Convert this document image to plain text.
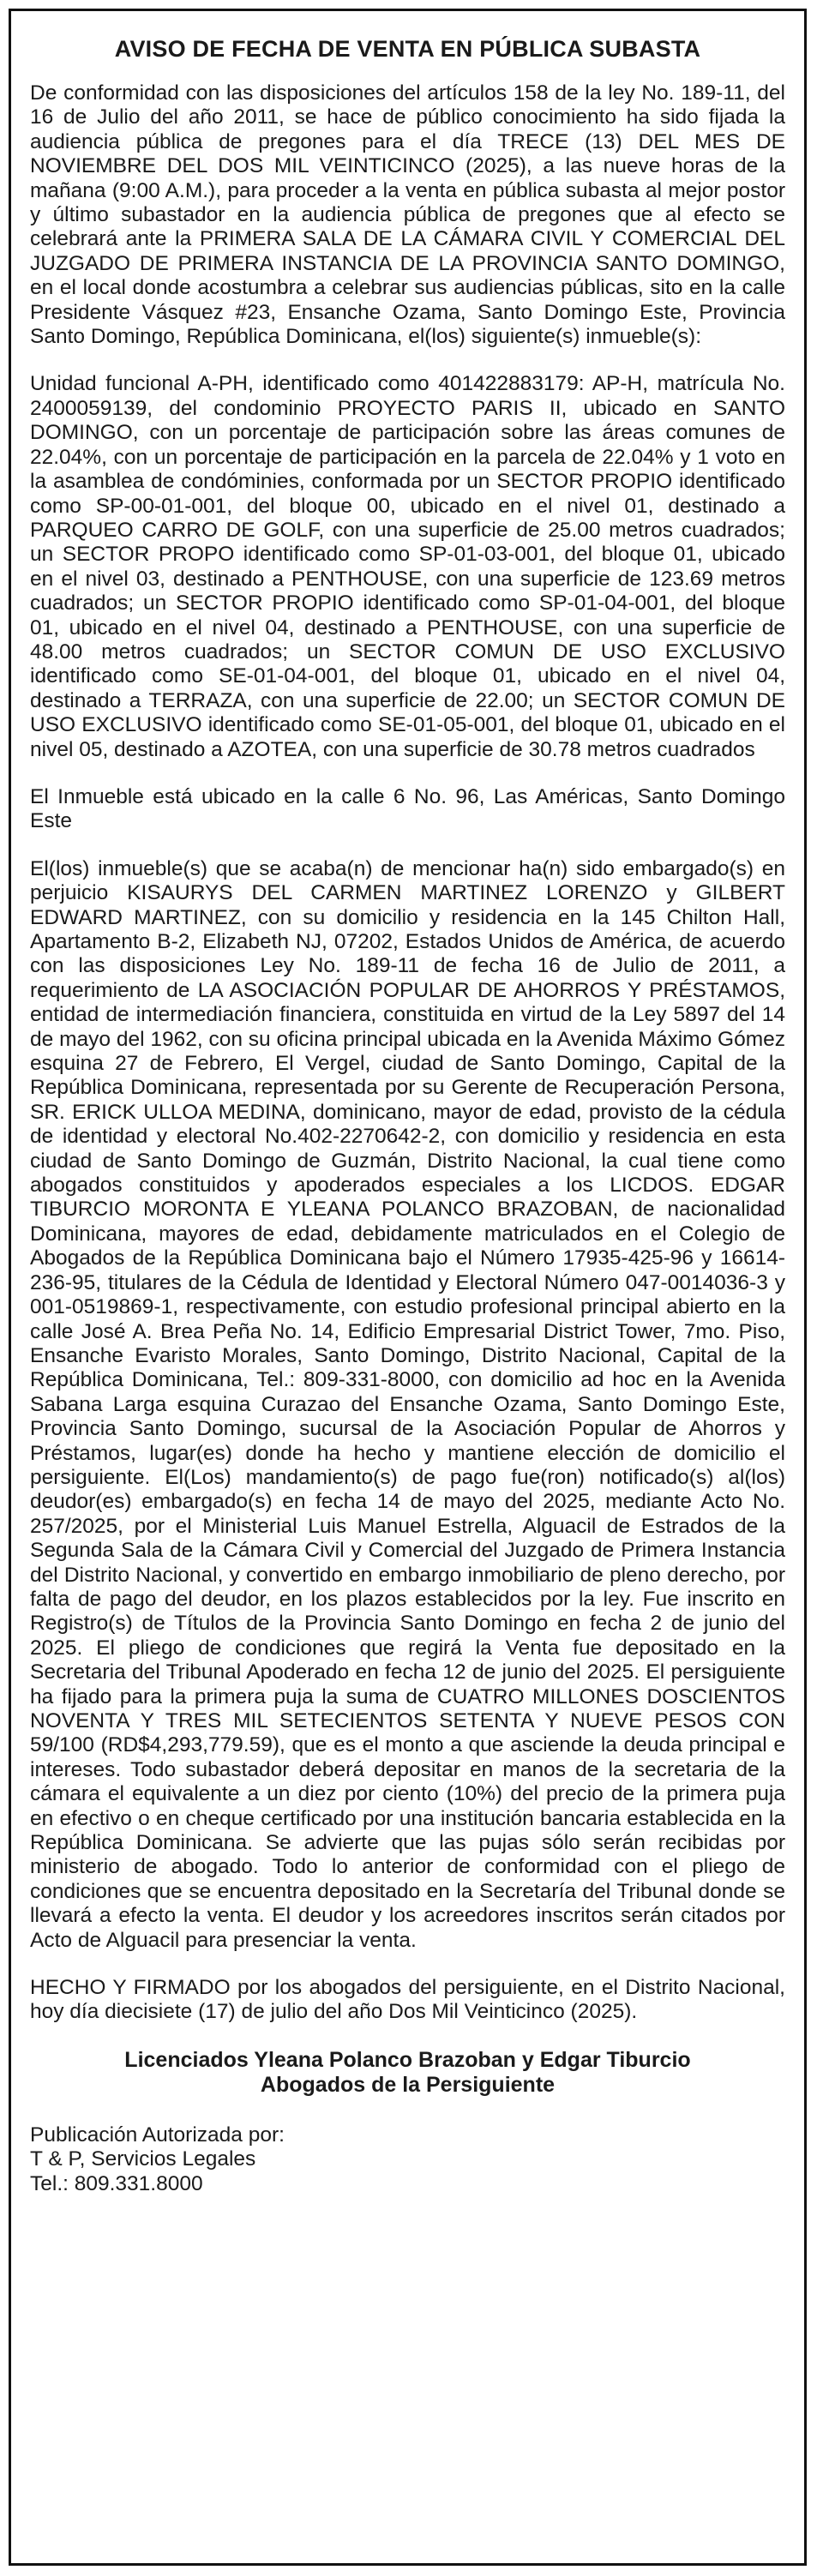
AVISO DE FECHA DE VENTA EN PÚBLICA SUBASTA

De conformidad con las disposiciones del artículos 158 de la ley No. 189-11, del 16 de Julio del año 2011, se hace de público conocimiento ha sido fijada la audiencia pública de pregones para el día TRECE (13) DEL MES DE NOVIEMBRE DEL DOS MIL VEINTICINCO (2025), a las nueve horas de la mañana (9:00 A.M.), para proceder a la venta en pública subasta al mejor postor y último subastador en la audiencia pública de pregones que al efecto se celebrará ante la PRIMERA SALA DE LA CÁMARA CIVIL Y COMERCIAL DEL JUZGADO DE PRIMERA INSTANCIA DE LA PROVINCIA SANTO DOMINGO, en el local donde acostumbra a celebrar sus audiencias públicas, sito en la calle Presidente Vásquez #23, Ensanche Ozama, Santo Domingo Este, Provincia Santo Domingo, República Dominicana, el(los) siguiente(s) inmueble(s):

Unidad funcional A-PH, identificado como 401422883179: AP-H, matrícula No. 2400059139, del condominio PROYECTO PARIS II, ubicado en SANTO DOMINGO, con un porcentaje de participación sobre las áreas comunes de 22.04%, con un porcentaje de participación en la parcela de 22.04% y 1 voto en la asamblea de condóminies, conformada por un SECTOR PROPIO identificado como SP-00-01-001, del bloque 00, ubicado en el nivel 01, destinado a PARQUEO CARRO DE GOLF, con una superficie de 25.00 metros cuadrados; un SECTOR PROPO identificado como SP-01-03-001, del bloque 01, ubicado en el nivel 03, destinado a PENTHOUSE, con una superficie de 123.69 metros cuadrados; un SECTOR PROPIO identificado como SP-01-04-001, del bloque 01, ubicado en el nivel 04, destinado a PENTHOUSE, con una superficie de 48.00 metros cuadrados; un SECTOR COMUN DE USO EXCLUSIVO identificado como SE-01-04-001, del bloque 01, ubicado en el nivel 04, destinado a TERRAZA, con una superficie de 22.00; un SECTOR COMUN DE USO EXCLUSIVO identificado como SE-01-05-001, del bloque 01, ubicado en el nivel 05, destinado a AZOTEA, con una superficie de 30.78 metros cuadrados

El Inmueble está ubicado en la calle 6 No. 96, Las Américas, Santo Domingo Este

El(los) inmueble(s) que se acaba(n) de mencionar ha(n) sido embargado(s) en perjuicio KISAURYS DEL CARMEN MARTINEZ LORENZO y GILBERT EDWARD MARTINEZ, con su domicilio y residencia en la 145 Chilton Hall, Apartamento B-2, Elizabeth NJ, 07202, Estados Unidos de América, de acuerdo con las disposiciones Ley No. 189-11 de fecha 16 de Julio de 2011, a requerimiento de LA ASOCIACIÓN POPULAR DE AHORROS Y PRÉSTAMOS, entidad de intermediación financiera, constituida en virtud de la Ley 5897 del 14 de mayo del 1962, con su oficina principal ubicada en la Avenida Máximo Gómez esquina 27 de Febrero, El Vergel, ciudad de Santo Domingo, Capital de la República Dominicana, representada por su Gerente de Recuperación Persona, SR. ERICK ULLOA MEDINA, dominicano, mayor de edad, provisto de la cédula de identidad y electoral No.402-2270642-2, con domicilio y residencia en esta ciudad de Santo Domingo de Guzmán, Distrito Nacional, la cual tiene como abogados constituidos y apoderados especiales a los LICDOS. EDGAR TIBURCIO MORONTA E YLEANA POLANCO BRAZOBAN, de nacionalidad Dominicana, mayores de edad, debidamente matriculados en el Colegio de Abogados de la República Dominicana bajo el Número 17935-425-96 y 16614-236-95, titulares de la Cédula de Identidad y Electoral Número 047-0014036-3 y 001-0519869-1, respectivamente, con estudio profesional principal abierto en la calle José A. Brea Peña No. 14, Edificio Empresarial District Tower, 7mo. Piso, Ensanche Evaristo Morales, Santo Domingo, Distrito Nacional, Capital de la República Dominicana, Tel.: 809-331-8000, con domicilio ad hoc en la Avenida Sabana Larga esquina Curazao del Ensanche Ozama, Santo Domingo Este, Provincia Santo Domingo, sucursal de la Asociación Popular de Ahorros y Préstamos, lugar(es) donde ha hecho y mantiene elección de domicilio el persiguiente. El(Los) mandamiento(s) de pago fue(ron) notificado(s) al(los) deudor(es) embargado(s) en fecha 14 de mayo del 2025, mediante Acto No. 257/2025, por el Ministerial Luis Manuel Estrella, Alguacil de Estrados de la Segunda Sala de la Cámara Civil y Comercial del Juzgado de Primera Instancia del Distrito Nacional, y convertido en embargo inmobiliario de pleno derecho, por falta de pago del deudor, en los plazos establecidos por la ley. Fue inscrito en Registro(s) de Títulos de la Provincia Santo Domingo en fecha 2 de junio del 2025. El pliego de condiciones que regirá la Venta fue depositado en la Secretaria del Tribunal Apoderado en fecha 12 de junio del 2025. El persiguiente ha fijado para la primera puja la suma de CUATRO MILLONES DOSCIENTOS NOVENTA Y TRES MIL SETECIENTOS SETENTA Y NUEVE PESOS CON 59/100 (RD$4,293,779.59), que es el monto a que asciende la deuda principal e intereses. Todo subastador deberá depositar en manos de la secretaria de la cámara el equivalente a un diez por ciento (10%) del precio de la primera puja en efectivo o en cheque certificado por una institución bancaria establecida en la República Dominicana. Se advierte que las pujas sólo serán recibidas por ministerio de abogado. Todo lo anterior de conformidad con el pliego de condiciones que se encuentra depositado en la Secretaría del Tribunal donde se llevará a efecto la venta. El deudor y los acreedores inscritos serán citados por Acto de Alguacil para presenciar la venta.

HECHO Y FIRMADO por los abogados del persiguiente, en el Distrito Nacional, hoy día diecisiete (17) de julio del año Dos Mil Veinticinco (2025).

Licenciados Yleana Polanco Brazoban y Edgar Tiburcio
Abogados de la Persiguiente
Publicación Autorizada por:
T & P, Servicios Legales
Tel.: 809.331.8000
